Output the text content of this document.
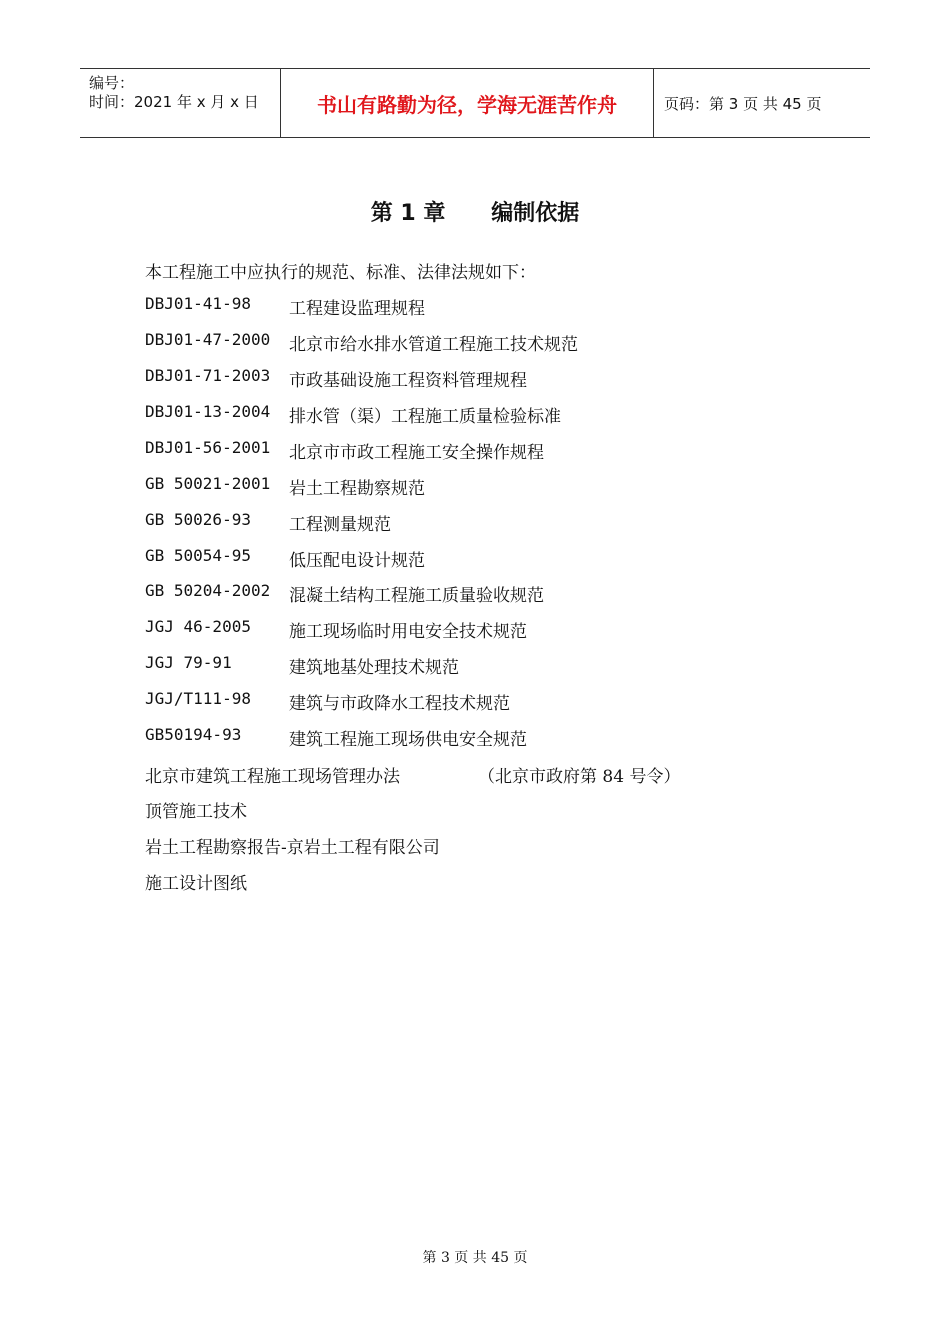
编号：
时间：2021 年 x 月 x 日	书山有路勤为径，学海无涯苦作舟	页码：第 3 页 共 45 页
第 1 章      编制依据
本工程施工中应执行的规范、标准、法律法规如下：
DBJ01-41-98 工程建设监理规程
DBJ01-47-2000 北京市给水排水管道工程施工技术规范
DBJ01-71-2003 市政基础设施工程资料管理规程
DBJ01-13-2004 排水管（渠）工程施工质量检验标准
DBJ01-56-2001 北京市市政工程施工安全操作规程
GB 50021-2001 岩土工程勘察规范
GB 50026-93 工程测量规范
GB 50054-95 低压配电设计规范
GB 50204-2002 混凝土结构工程施工质量验收规范
JGJ 46-2005 施工现场临时用电安全技术规范
JGJ 79-91	建筑地基处理技术规范
JGJ/T111-98 建筑与市政降水工程技术规范
GB50194-93	建筑工程施工现场供电安全规范
北京市建筑工程施工现场管理办法	（北京市政府第 84 号令）
顶管施工技术
岩土工程勘察报告-京岩土工程有限公司
施工设计图纸
第 3 页 共 45 页
